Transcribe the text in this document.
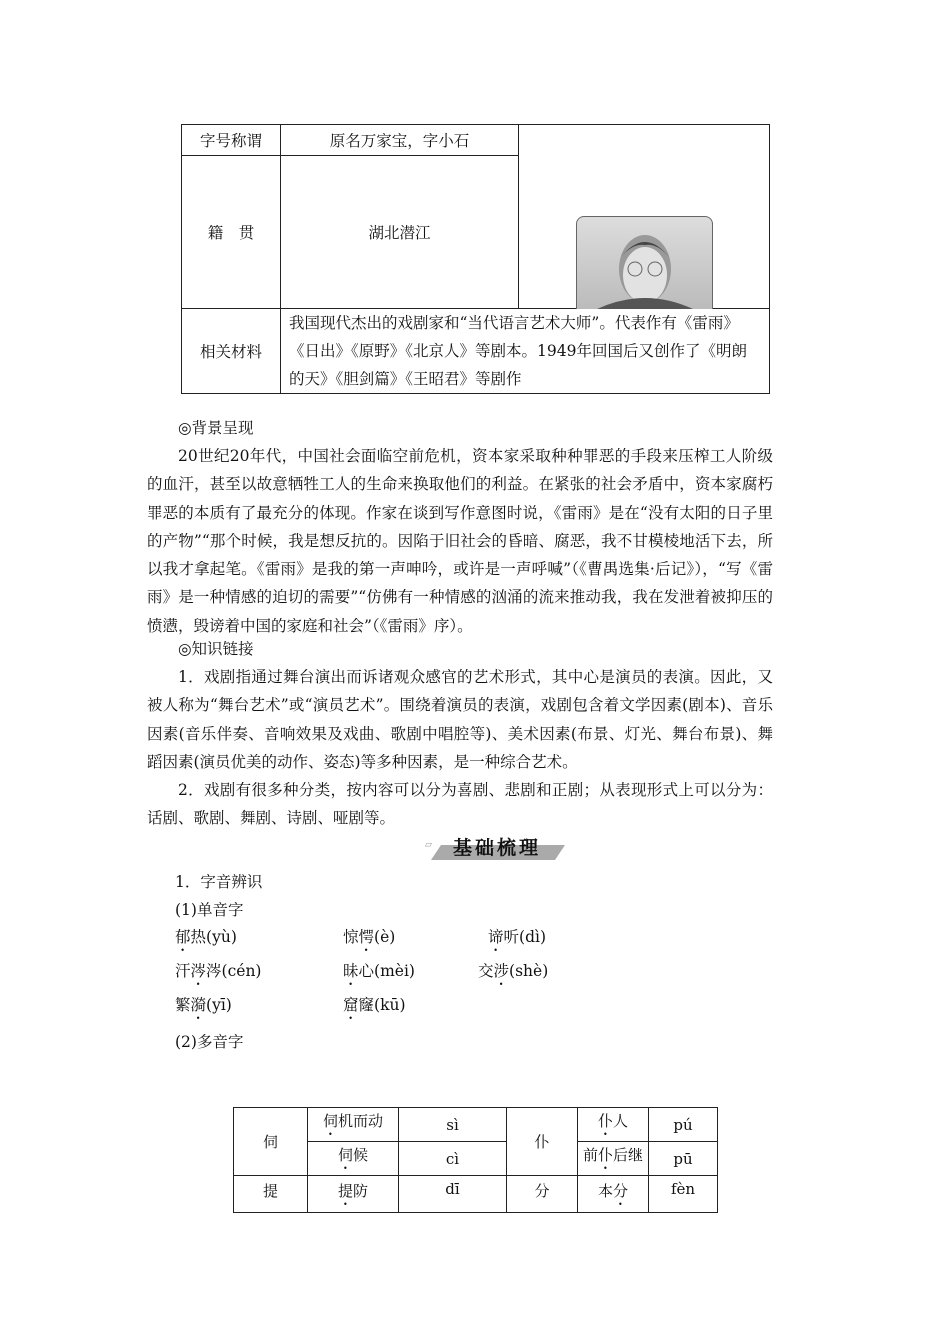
字号称谓	原名万家宝，字小石	
籍　贯	湖北潜江	
相关材料	我国现代杰出的戏剧家和“当代语言艺术大师”。代表作有《雷雨》《日出》《原野》《北京人》等剧本。1949年回国后又创作了《明朗的天》《胆剑篇》《王昭君》等剧作	
◎背景呈现

20世纪20年代，中国社会面临空前危机，资本家采取种种罪恶的手段来压榨工人阶级的血汗，甚至以故意牺牲工人的生命来换取他们的利益。在紧张的社会矛盾中，资本家腐朽罪恶的本质有了最充分的体现。作家在谈到写作意图时说，《雷雨》是在“没有太阳的日子里的产物”“那个时候，我是想反抗的。因陷于旧社会的昏暗、腐恶，我不甘模棱地活下去，所以我才拿起笔。《雷雨》是我的第一声呻吟，或许是一声呼喊”（《曹禺选集·后记》），“写《雷雨》是一种情感的迫切的需要”“仿佛有一种情感的汹涌的流来推动我，我在发泄着被抑压的愤懑，毁谤着中国的家庭和社会”（《雷雨》序）。

◎知识链接

1．戏剧指通过舞台演出而诉诸观众感官的艺术形式，其中心是演员的表演。因此，又被人称为“舞台艺术”或“演员艺术”。围绕着演员的表演，戏剧包含着文学因素(剧本)、音乐因素(音乐伴奏、音响效果及戏曲、歌剧中唱腔等)、美术因素(布景、灯光、舞台布景)、舞蹈因素(演员优美的动作、姿态)等多种因素，是一种综合艺术。

2．戏剧有很多种分类，按内容可以分为喜剧、悲剧和正剧；从表现形式上可以分为：话剧、歌剧、舞剧、诗剧、哑剧等。

▱ 基础梳理
1．字音辨识
(1)单音字
郁热(yù)	惊愕(è)	谛听(dì)
汗涔涔(cén)	昧心(mèi)	交涉(shè)
繁漪(yī)	窟窿(kū)
(2)多音字
伺	伺机而动	sì	仆	仆人	pú
	伺候	cì		前仆后继	pū
提	提防	dī	分	本分	fèn
